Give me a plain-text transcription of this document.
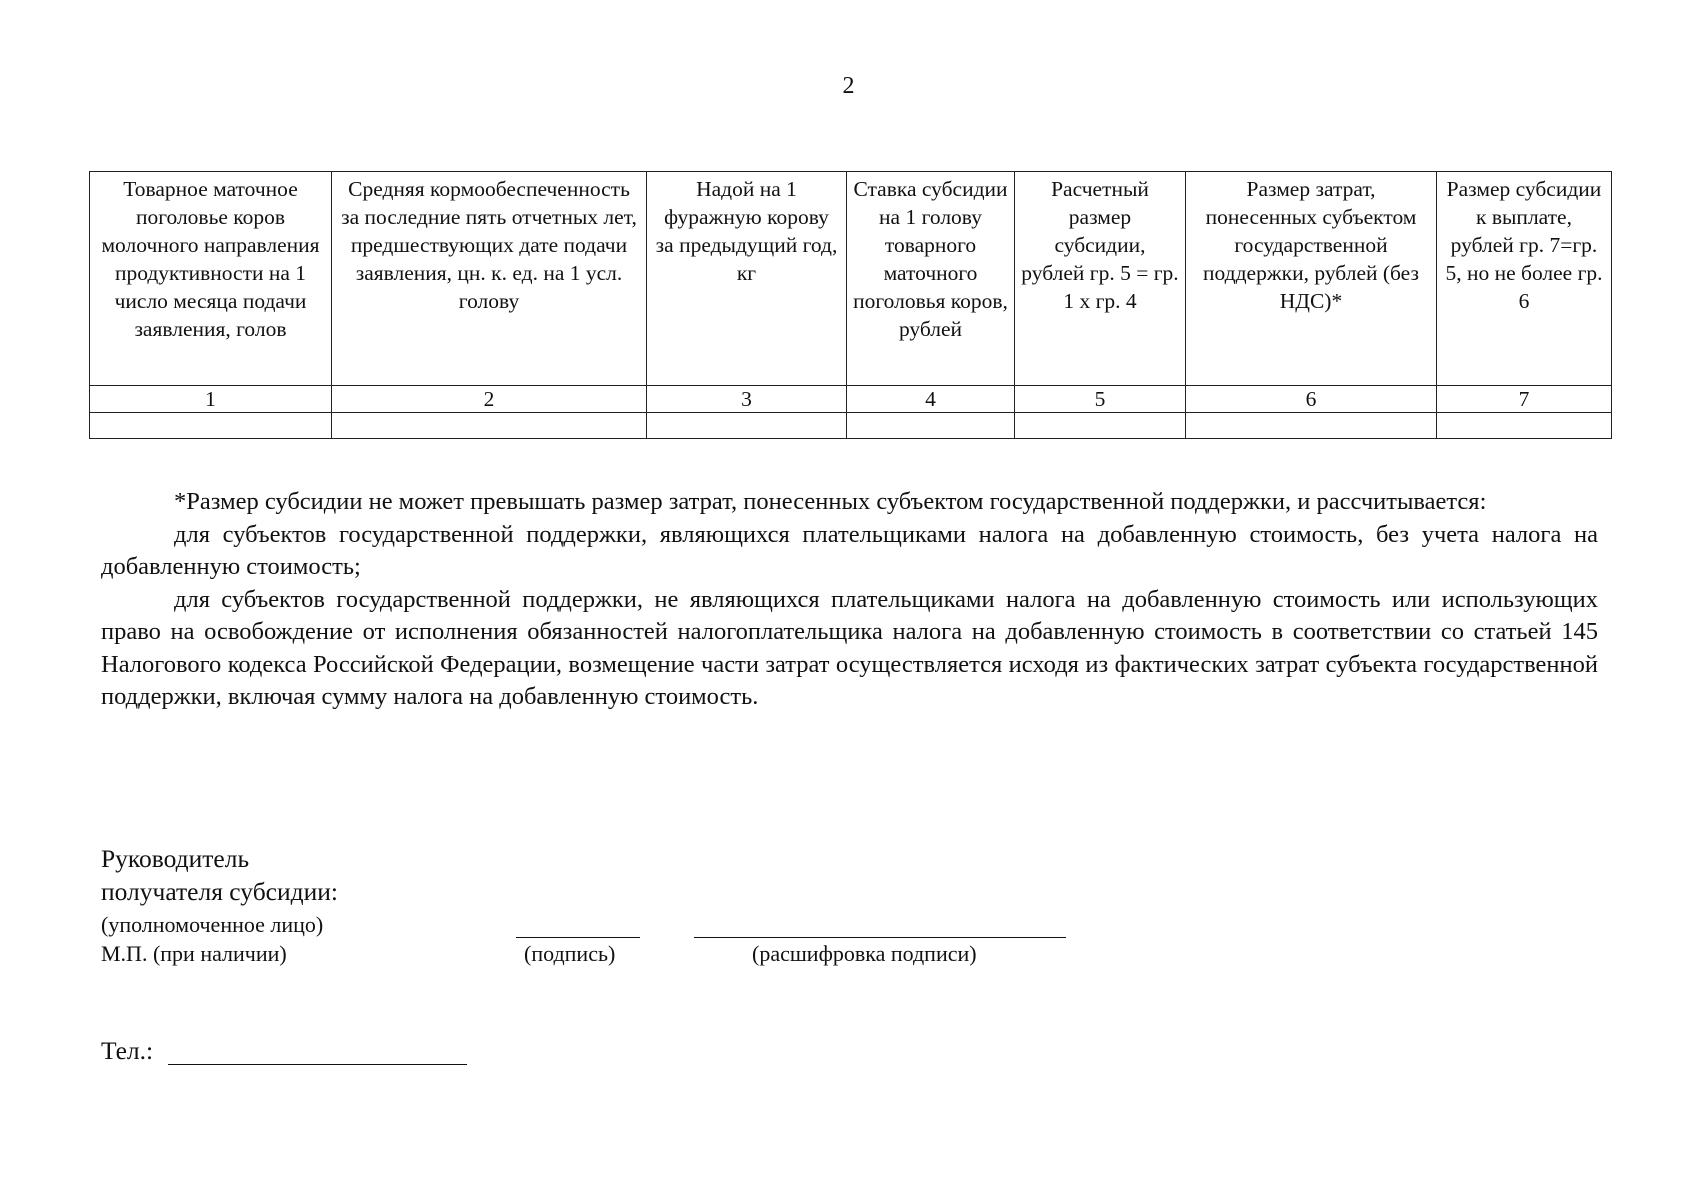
2
Товарное маточное поголовье коров молочного направления продуктивности на 1 число месяца подачи заявления, голов	Средняя кормообеспеченность за последние пять отчетных лет, предшествующих дате подачи заявления, цн. к. ед. на 1 усл. голову	Надой на 1 фуражную корову за предыдущий год, кг	Ставка субсидии на 1 голову товарного маточного поголовья коров, рублей	Расчетный размер субсидии, рублей гр. 5 = гр. 1 х гр. 4	Размер затрат, понесенных субъектом государственной поддержки, рублей (без НДС)*	Размер субсидии к выплате, рублей гр. 7=гр. 5, но не более гр. 6
1	2	3	4	5	6	7

*Размер субсидии не может превышать размер затрат, понесенных субъектом государственной поддержки, и рассчитывается:

для субъектов государственной поддержки, являющихся плательщиками налога на добавленную стоимость, без учета налога на добавленную стоимость;

для субъектов государственной поддержки, не являющихся плательщиками налога на добавленную стоимость или использующих право на освобождение от исполнения обязанностей налогоплательщика налога на добавленную стоимость в соответствии со статьей 145 Налогового кодекса Российской Федерации, возмещение части затрат осуществляется исходя из фактических затрат субъекта государственной поддержки, включая сумму налога на добавленную стоимость.

Руководитель
получателя субсидии:
(уполномоченное лицо)
М.П. (при наличии)	(подпись)	(расшифровка подписи)
Тел.:
